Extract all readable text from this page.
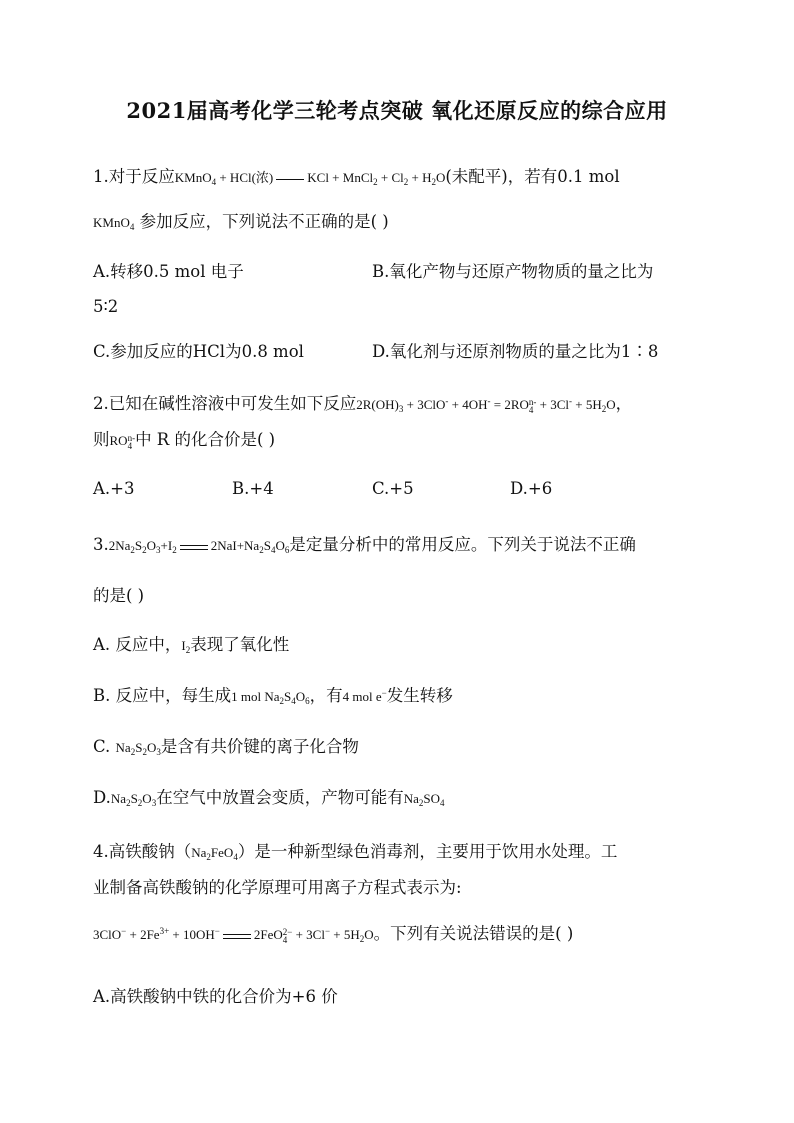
2021届高考化学三轮考点突破 氧化还原反应的综合应用
1.对于反应KMnO$_4$ + HCl(浓)	KCl + MnCl$_2$ + $Cl_2 + H_2O$(未配平)，若有0.1 mol
KMnO$_4$ 参加反应，下列说法不正确的是( )
A.转移0.5 mol 电子	B.氧化产物与还原产物物质的量之比为
5∶2
C.参加反应的HCl为0.8 mol	D.氧化剂与还原剂物质的量之比为1∶8
2.已知在碱性溶液中可发生如下反应$2R(OH)_3 + 3ClO^- + 4OH^- = 2RO$ n-
$4 + 3Cl^- + 5H_2O$，
则RO n-
4 中 R 的化合价是( )
A.+3	B.+4	C.+5	D.+6
$3.2Na_2S_2O_3+I_2$	$2NaI+Na_2S_4O_6$是定量分析中的常用反应。下列关于说法不正确
的是( )
A. 反应中，$I_2$表现了氧化性
B. 反应中，每生成1 mol $Na_2S_4O_6$，有4 mol e−发生转移
C. $Na_2S_2O_3$是含有共价键的离子化合物
$D.Na_2S_2O_3$在空气中放置会变质，产物可能有$Na_2SO_4$
4.高铁酸钠$(Na_2FeO_4)$是一种新型绿色消毒剂，主要用于饮用水处理。工
业制备高铁酸钠的化学原理可用离子方程式表示为:
$3ClO^- + 2Fe^{3+} + 10OH^-$	2FeO 2−
$4 + 3Cl^- + 5H_2O$。下列有关说法错误的是( )
A.高铁酸钠中铁的化合价为+6 价
